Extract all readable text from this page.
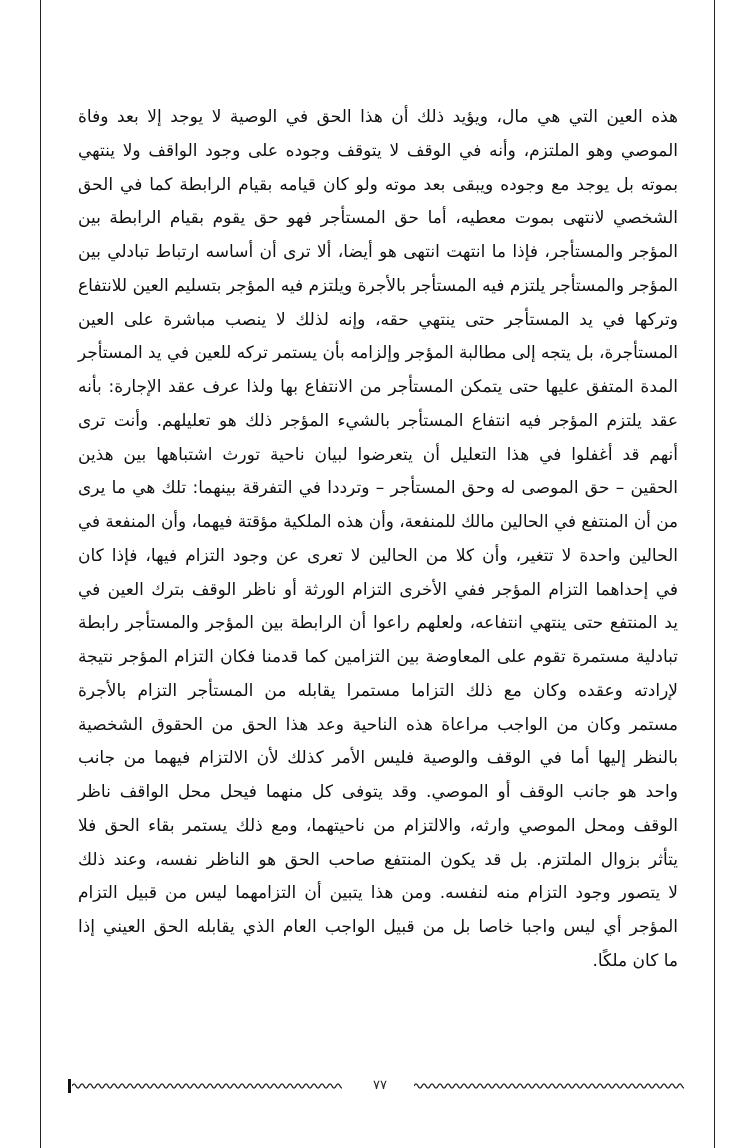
هذه العين التي هي مال، ويؤيد ذلك أن هذا الحق في الوصية لا يوجد إلا بعد وفاة
الموصي وهو الملتزم، وأنه في الوقف لا يتوقف وجوده على وجود الواقف ولا ينتهي
بموته بل يوجد مع وجوده ويبقى بعد موته ولو كان قيامه بقيام الرابطة كما في الحق
الشخصي لانتهى بموت معطيه، أما حق المستأجر فهو حق يقوم بقيام الرابطة بين
المؤجر والمستأجر، فإذا ما انتهت انتهى هو أيضا، ألا ترى أن أساسه ارتباط تبادلي بين
المؤجر والمستأجر يلتزم فيه المستأجر بالأجرة ويلتزم فيه المؤجر بتسليم العين للانتفاع
وتركها في يد المستأجر حتى ينتهي حقه، وإنه لذلك لا ينصب مباشرة على العين
المستأجرة، بل يتجه إلى مطالبة المؤجر وإلزامه بأن يستمر تركه للعين في يد المستأجر
المدة المتفق عليها حتى يتمكن المستأجر من الانتفاع بها ولذا عرف عقد الإجارة: بأنه
عقد يلتزم المؤجر فيه انتفاع المستأجر بالشيء المؤجر ذلك هو تعليلهم. وأنت ترى
أنهم قد أغفلوا في هذا التعليل أن يتعرضوا لبيان ناحية تورث اشتباهها بين هذين
الحقين – حق الموصى له وحق المستأجر – وترددا في التفرقة بينهما: تلك هي ما يرى
من أن المنتفع في الحالين مالك للمنفعة، وأن هذه الملكية مؤقتة فيهما، وأن المنفعة في
الحالين واحدة لا تتغير، وأن كلا من الحالين لا تعرى عن وجود التزام فيها، فإذا كان
في إحداهما التزام المؤجر ففي الأخرى التزام الورثة أو ناظر الوقف بترك العين في
يد المنتفع حتى ينتهي انتفاعه، ولعلهم راعوا أن الرابطة بين المؤجر والمستأجر رابطة
تبادلية مستمرة تقوم على المعاوضة بين التزامين كما قدمنا فكان التزام المؤجر نتيجة
لإرادته وعقده وكان مع ذلك التزاما مستمرا يقابله من المستأجر التزام بالأجرة
مستمر وكان من الواجب مراعاة هذه الناحية وعد هذا الحق من الحقوق الشخصية
بالنظر إليها أما في الوقف والوصية فليس الأمر كذلك لأن الالتزام فيهما من جانب
واحد هو جانب الوقف أو الموصي. وقد يتوفى كل منهما فيحل محل الواقف ناظر
الوقف ومحل الموصي وارثه، والالتزام من ناحيتهما، ومع ذلك يستمر بقاء الحق فلا
يتأثر بزوال الملتزم. بل قد يكون المنتفع صاحب الحق هو الناظر نفسه، وعند ذلك
لا يتصور وجود التزام منه لنفسه. ومن هذا يتبين أن التزامهما ليس من قبيل التزام
المؤجر أي ليس واجبا خاصا بل من قبيل الواجب العام الذي يقابله الحق العيني إذا
ما كان ملكًا.
٧٧
